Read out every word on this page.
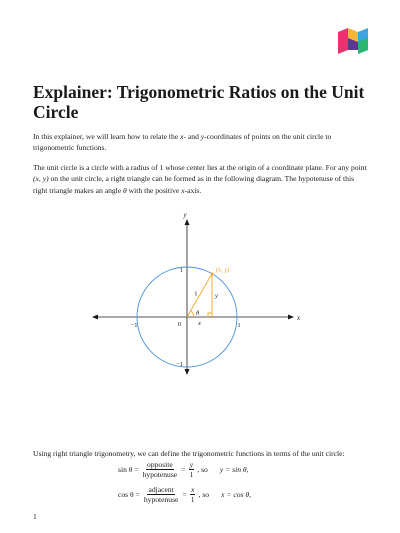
Explainer: Trigonometric Ratios on the Unit Circle

In this explainer, we will learn how to relate the x- and y-coordinates of points on the unit circle to trigonometric functions.

The unit circle is a circle with a radius of 1 whose center lies at the origin of a coordinate plane. For any point (x, y) on the unit circle, a right triangle can be formed as in the following diagram. The hypotenuse of this right triangle makes an angle θ with the positive x-axis.

y
x
0	1
−1
1
−1
(x, y)
1	y
x
θ

Using right triangle trigonometry, we can define the trigonometric functions in terms of the unit circle:

$\sin \theta = \frac{\text{opposite}}{\text{hypotenuse}} = \frac{y}{1}$ , so y = sin θ,
$\cos \theta = \frac{\text{adjacent}}{\text{hypotenuse}} = \frac{x}{1}$ , so x = cos θ,
1
